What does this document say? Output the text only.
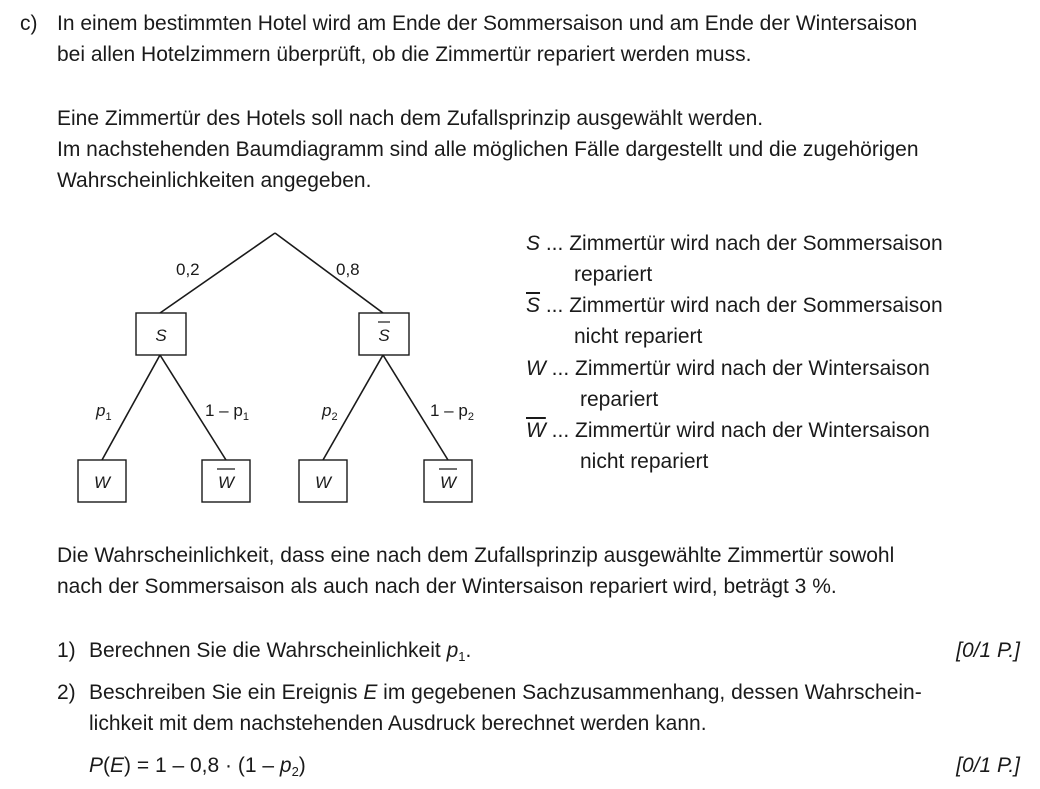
c) In einem bestimmten Hotel wird am Ende der Sommersaison und am Ende der Wintersaison
bei allen Hotelzimmern überprüft, ob die Zimmertür repariert werden muss.
Eine Zimmertür des Hotels soll nach dem Zufallsprinzip ausgewählt werden.
Im nachstehenden Baumdiagramm sind alle möglichen Fälle dargestellt und die zugehörigen
Wahrscheinlichkeiten angegeben.
0,2	0,8
S	S
W	W	W	W
$p_1$	$1 - p_1$	$p_2$	$1 - p_2$
S ... Zimmertür wird nach der Sommersaison
repariert
$\overline{S}$ ... Zimmertür wird nach der Sommersaison
nicht repariert
W ... Zimmertür wird nach der Wintersaison
repariert
$\overline{W}$ ... Zimmertür wird nach der Wintersaison
nicht repariert
Die Wahrscheinlichkeit, dass eine nach dem Zufallsprinzip ausgewählte Zimmertür sowohl
nach der Sommersaison als auch nach der Wintersaison repariert wird, beträgt 3 %.
1) Berechnen Sie die Wahrscheinlichkeit $p_1$.	[0/1 P.]
2) Beschreiben Sie ein Ereignis E im gegebenen Sachzusammenhang, dessen Wahrschein-
lichkeit mit dem nachstehenden Ausdruck berechnet werden kann.
$P(E) = 1 - 0,8 \cdot (1 - p_2)$	[0/1 P.]
